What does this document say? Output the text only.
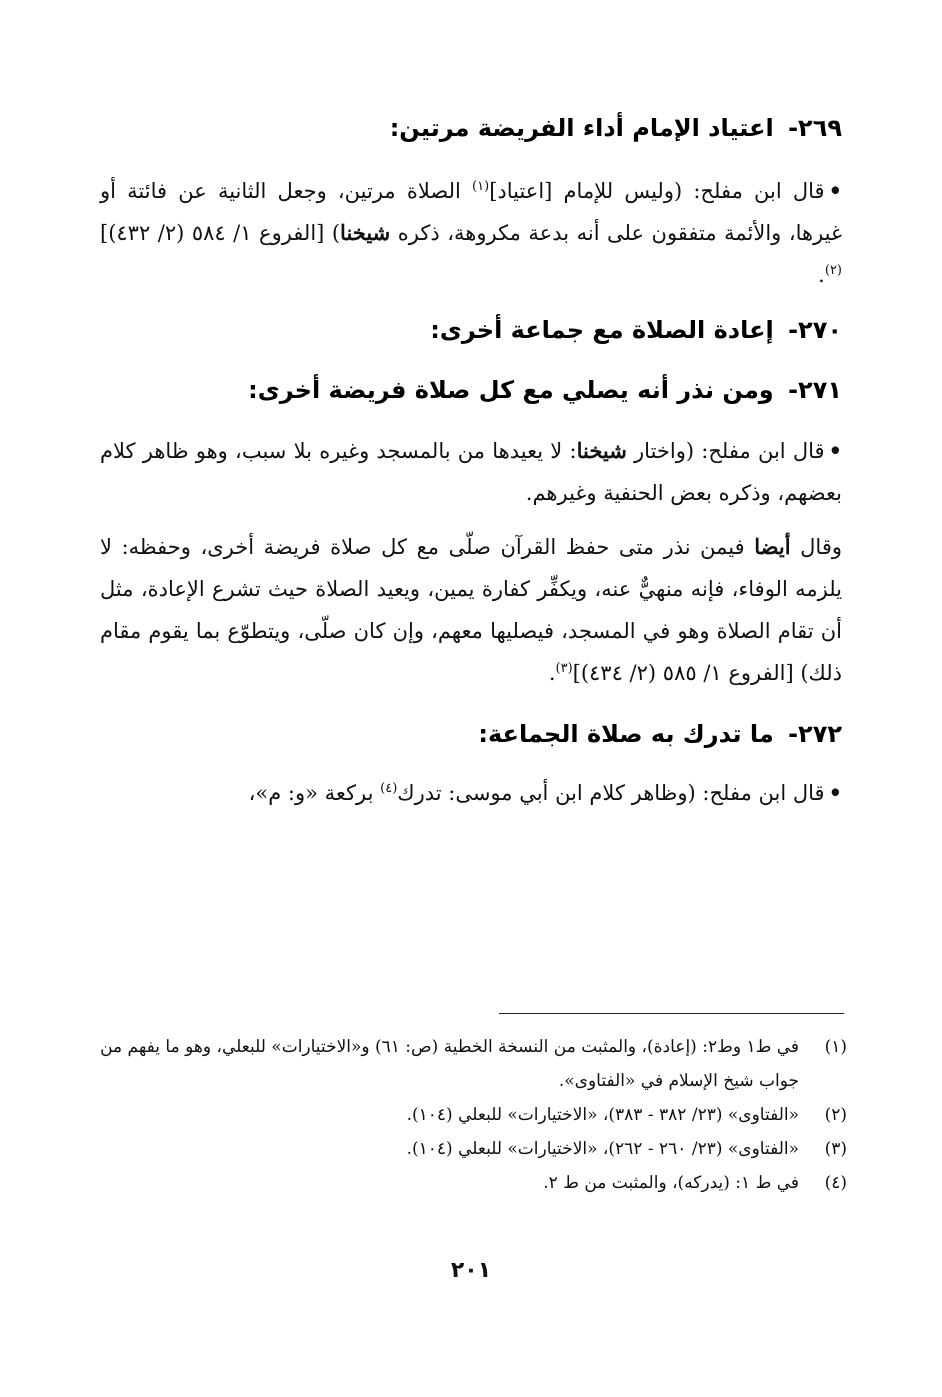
٢٦٩- اعتياد الإمام أداء الفريضة مرتين:

•قال ابن مفلح: (وليس للإمام [اعتياد]$^{(١)}$ الصلاة مرتين، وجعل الثانية عن فائتة أو غيرها، والأئمة متفقون على أنه بدعة مكروهة، ذكره شيخنا) [الفروع ١/ ٥٨٤ (٢/ ٤٣٢)]$^{(٢)}$.

٢٧٠- إعادة الصلاة مع جماعة أخرى:
٢٧١- ومن نذر أنه يصلي مع كل صلاة فريضة أخرى:

•قال ابن مفلح: (واختار شيخنا: لا يعيدها من بالمسجد وغيره بلا سبب، وهو ظاهر كلام بعضهم، وذكره بعض الحنفية وغيرهم.

وقال أيضا فيمن نذر متى حفظ القرآن صلّى مع كل صلاة فريضة أخرى، وحفظه: لا يلزمه الوفاء، فإنه منهيٌّ عنه، ويكفِّر كفارة يمين، ويعيد الصلاة حيث تشرع الإعادة، مثل أن تقام الصلاة وهو في المسجد، فيصليها معهم، وإن كان صلّى، ويتطوّع بما يقوم مقام ذلك) [الفروع ١/ ٥٨٥ (٢/ ٤٣٤)]$^{(٣)}$.

٢٧٢- ما تدرك به صلاة الجماعة:

•قال ابن مفلح: (وظاهر كلام ابن أبي موسى: تدرك$^{(٤)}$ بركعة «و: م»،

(١)
في ط١ وط٢: (إعادة)، والمثبت من النسخة الخطية (ص: ٦١) و«الاختيارات» للبعلي، وهو ما يفهم من جواب شيخ الإسلام في «الفتاوى».
(٢)
«الفتاوى» (٢٣/ ٣٨٢ - ٣٨٣)، «الاختيارات» للبعلي (١٠٤).
(٣)
«الفتاوى» (٢٣/ ٢٦٠ - ٢٦٢)، «الاختيارات» للبعلي (١٠٤).
(٤)
في ط ١: (يدركه)، والمثبت من ط ٢.
٢٠١
